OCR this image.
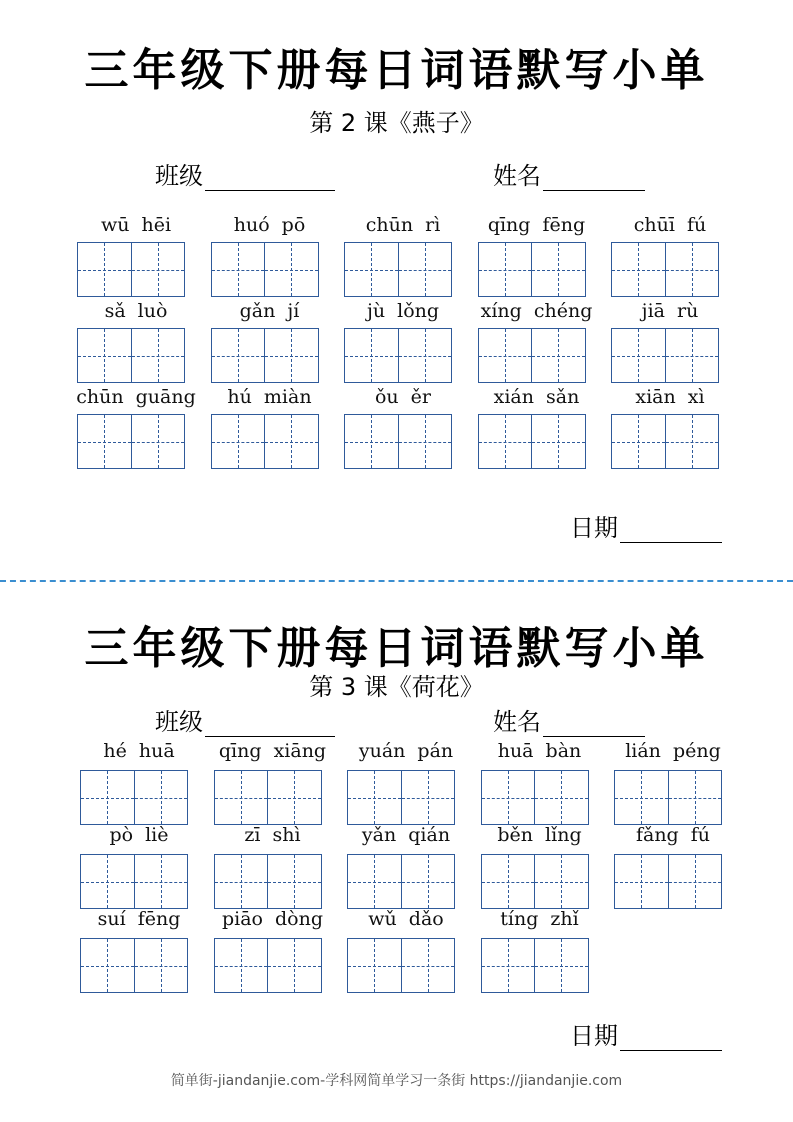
三年级下册每日词语默写小单
第 2 课《燕子》
班级	姓名
wū hēi	huó pō	chūn rì	qīng fēng	chūī fú
sǎ luò	gǎn jí	jù lǒng	xíng chéng	jiā rù
chūn guāng	hú miàn	ǒu ěr	xián sǎn	xiān xì
日期
三年级下册每日词语默写小单
第 3 课《荷花》
班级	姓名
hé huā	qīng xiāng	yuán pán	huā bàn	lián péng
pò liè	zī shì	yǎn qián	běn lǐng	fǎng fú
suí fēng	piāo dòng	wǔ dǎo	tíng zhǐ
日期
简单街-jiandanjie.com-学科网简单学习一条街 https://jiandanjie.com
